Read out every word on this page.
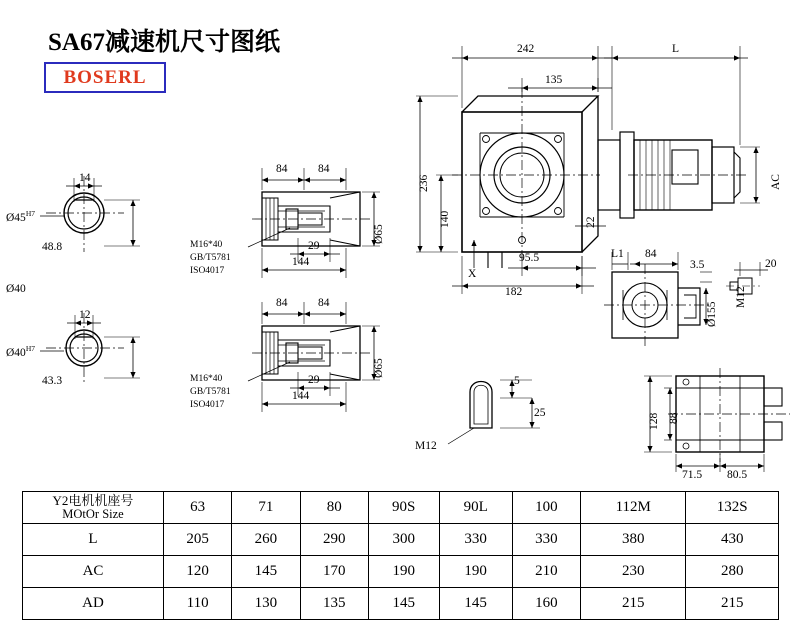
SA67减速机尺寸图纸
BOSERL
14
$Ø45^{H7}$
48.8
Ø40
12
$Ø40^{H7}$
43.3
84	84
M16*40
GB/T5781
ISO4017
29
144
Ø65
84	84
M16*40
GB/T5781
ISO4017
29
144
Ø65
242	L
135
236
140	22
AC
X
95.5
182
L1 84
3.5
Ø155
20
M12
128 88
71.5 80.5
5
25
M12
Y2电机机座号
MOtOr Size	63	71	80	90S	90L	100	112M	132S
L	205	260	290	300	330	330	380	430
AC	120	145	170	190	190	210	230	280
AD	110	130	135	145	145	160	215	215
